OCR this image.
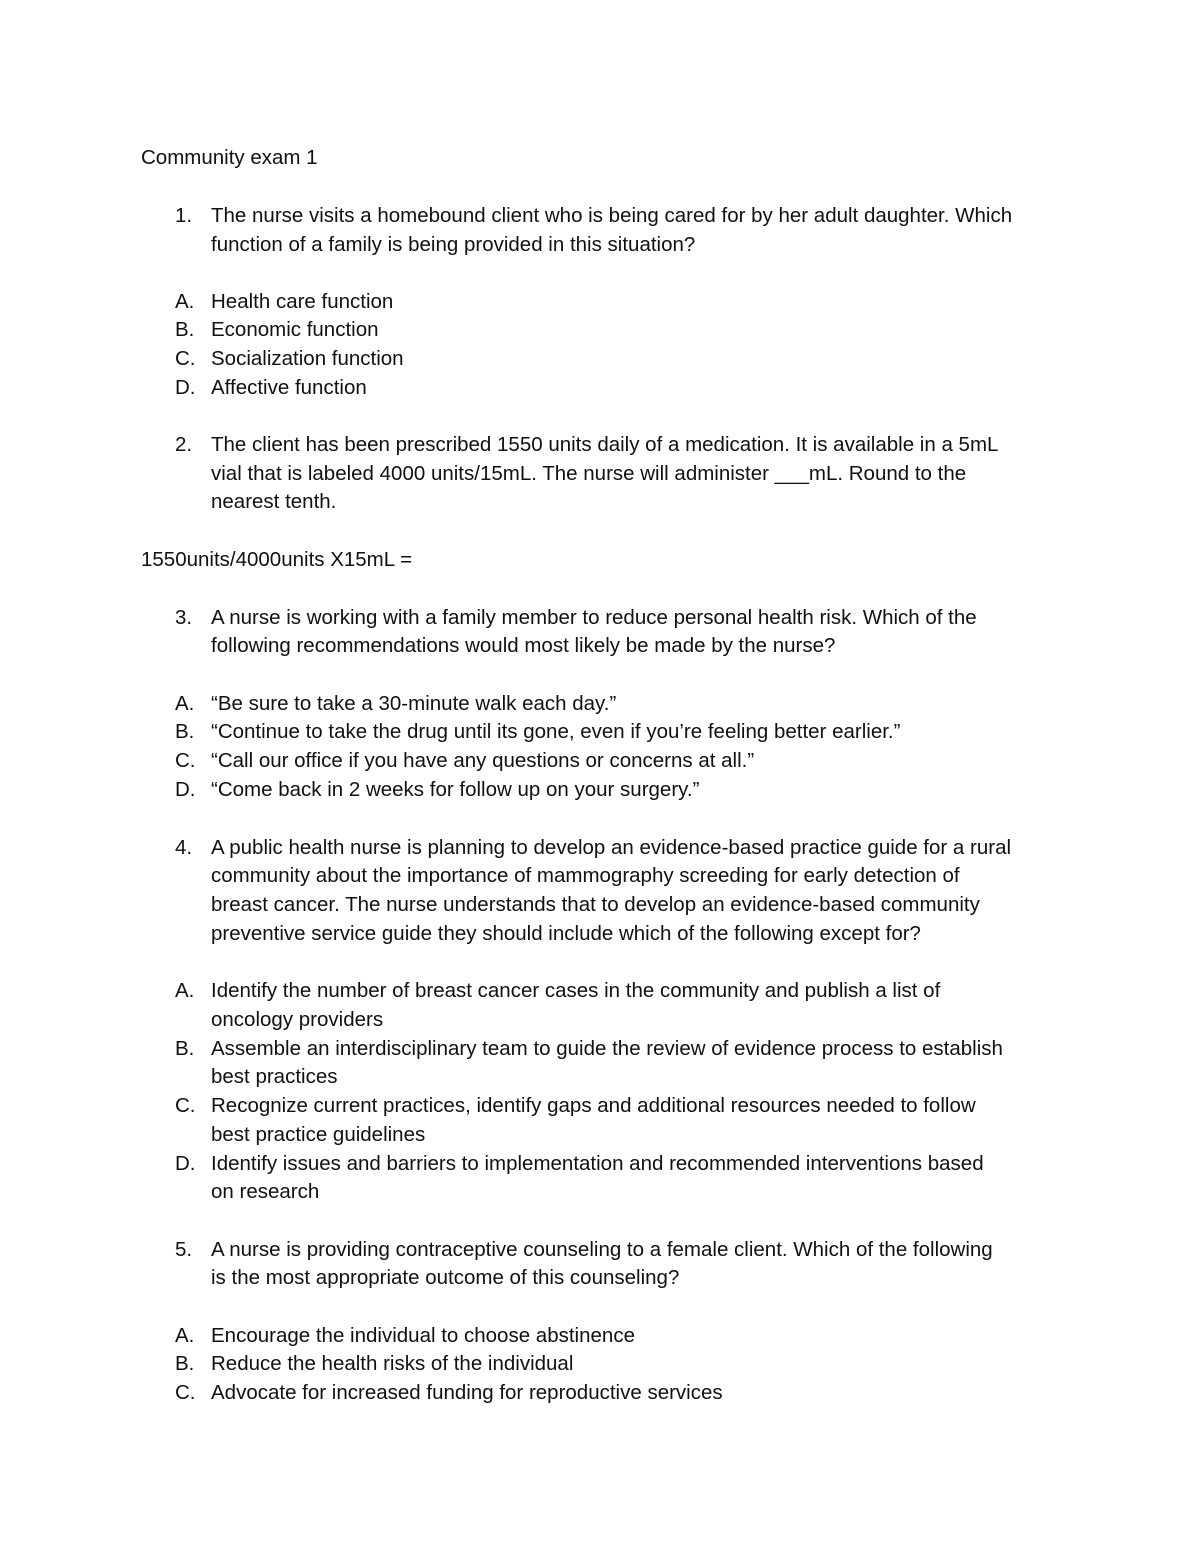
Community exam 1
1. The nurse visits a homebound client who is being cared for by her adult daughter. Which
function of a family is being provided in this situation?
A. Health care function
B. Economic function
C. Socialization function
D. Affective function
2. The client has been prescribed 1550 units daily of a medication. It is available in a 5mL
vial that is labeled 4000 units/15mL. The nurse will administer ___mL. Round to the
nearest tenth.
1550units/4000units X15mL =
3. A nurse is working with a family member to reduce personal health risk. Which of the
following recommendations would most likely be made by the nurse?
A. “Be sure to take a 30-minute walk each day.”
B. “Continue to take the drug until its gone, even if you’re feeling better earlier.”
C. “Call our office if you have any questions or concerns at all.”
D. “Come back in 2 weeks for follow up on your surgery.”
4. A public health nurse is planning to develop an evidence-based practice guide for a rural
community about the importance of mammography screeding for early detection of
breast cancer. The nurse understands that to develop an evidence-based community
preventive service guide they should include which of the following except for?
A. Identify the number of breast cancer cases in the community and publish a list of
oncology providers
B. Assemble an interdisciplinary team to guide the review of evidence process to establish
best practices
C. Recognize current practices, identify gaps and additional resources needed to follow
best practice guidelines
D. Identify issues and barriers to implementation and recommended interventions based
on research
5. A nurse is providing contraceptive counseling to a female client. Which of the following
is the most appropriate outcome of this counseling?
A. Encourage the individual to choose abstinence
B. Reduce the health risks of the individual
C. Advocate for increased funding for reproductive services
